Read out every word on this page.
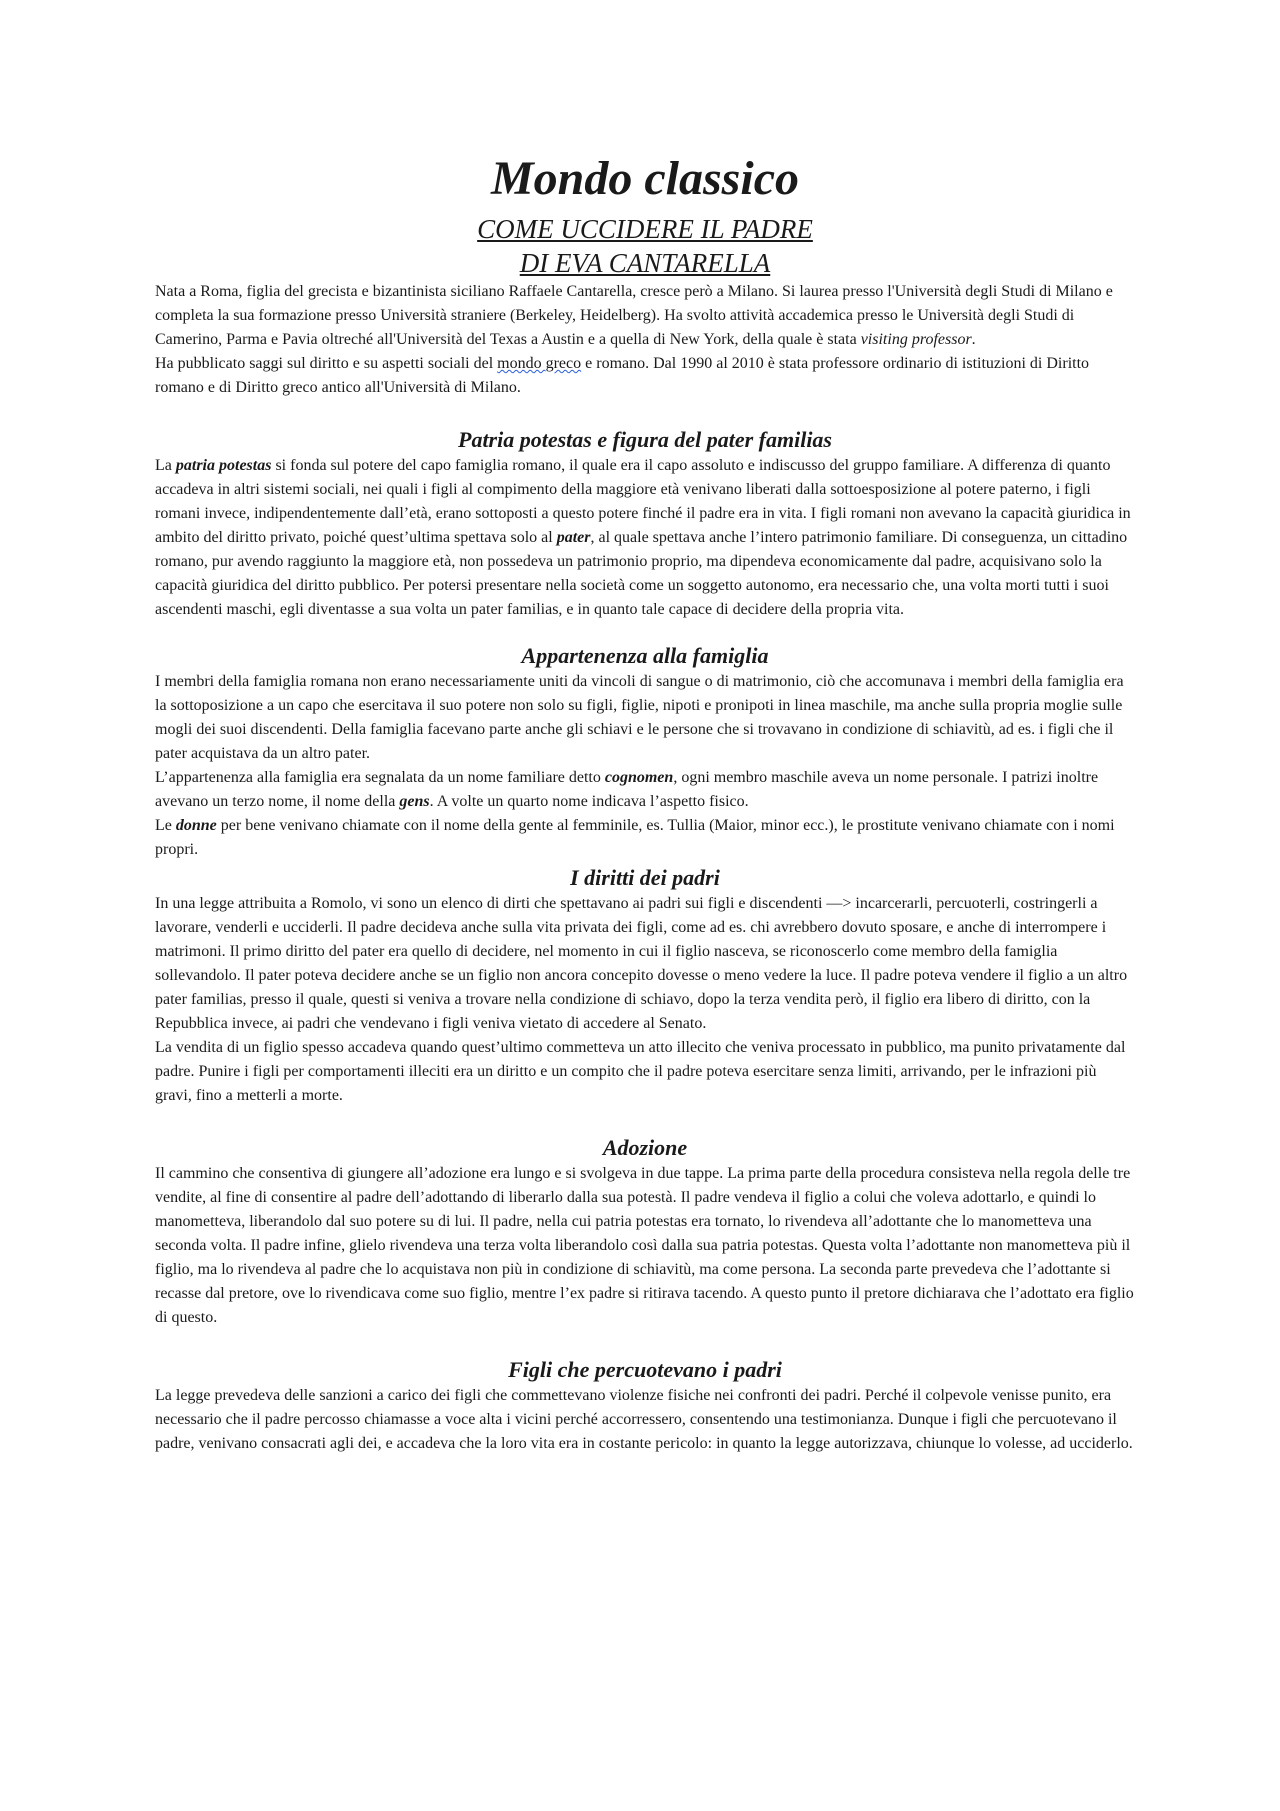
Mondo classico

COME UCCIDERE IL PADRE

DI EVA CANTARELLA

Nata a Roma, figlia del grecista e bizantinista siciliano Raffaele Cantarella, cresce però a Milano. Si laurea presso l'Università degli Studi di Milano e completa la sua formazione presso Università straniere (Berkeley, Heidelberg). Ha svolto attività accademica presso le Università degli Studi di Camerino, Parma e Pavia oltreché all'Università del Texas a Austin e a quella di New York, della quale è stata visiting professor.

Ha pubblicato saggi sul diritto e su aspetti sociali del mondo greco e romano. Dal 1990 al 2010 è stata professore ordinario di istituzioni di Diritto romano e di Diritto greco antico all'Università di Milano.

Patria potestas e figura del pater familias

La patria potestas si fonda sul potere del capo famiglia romano, il quale era il capo assoluto e indiscusso del gruppo familiare. A differenza di quanto accadeva in altri sistemi sociali, nei quali i figli al compimento della maggiore età venivano liberati dalla sottoesposizione al potere paterno, i figli romani invece, indipendentemente dall’età, erano sottoposti a questo potere finché il padre era in vita. I figli romani non avevano la capacità giuridica in ambito del diritto privato, poiché quest’ultima spettava solo al pater, al quale spettava anche l’intero patrimonio familiare. Di conseguenza, un cittadino romano, pur avendo raggiunto la maggiore età, non possedeva un patrimonio proprio, ma dipendeva economicamente dal padre, acquisivano solo la capacità giuridica del diritto pubblico. Per potersi presentare nella società come un soggetto autonomo, era necessario che, una volta morti tutti i suoi ascendenti maschi, egli diventasse a sua volta un pater familias, e in quanto tale capace di decidere della propria vita.

Appartenenza alla famiglia

I membri della famiglia romana non erano necessariamente uniti da vincoli di sangue o di matrimonio, ciò che accomunava i membri della famiglia era la sottoposizione a un capo che esercitava il suo potere non solo su figli, figlie, nipoti e pronipoti in linea maschile, ma anche sulla propria moglie sulle mogli dei suoi discendenti. Della famiglia facevano parte anche gli schiavi e le persone che si trovavano in condizione di schiavitù, ad es. i figli che il pater acquistava da un altro pater.

L’appartenenza alla famiglia era segnalata da un nome familiare detto cognomen, ogni membro maschile aveva un nome personale. I patrizi inoltre avevano un terzo nome, il nome della gens. A volte un quarto nome indicava l’aspetto fisico.

Le donne per bene venivano chiamate con il nome della gente al femminile, es. Tullia (Maior, minor ecc.), le prostitute venivano chiamate con i nomi propri.

I diritti dei padri

In una legge attribuita a Romolo, vi sono un elenco di dirti che spettavano ai padri sui figli e discendenti —> incarcerarli, percuoterli, costringerli a lavorare, venderli e ucciderli. Il padre decideva anche sulla vita privata dei figli, come ad es. chi avrebbero dovuto sposare, e anche di interrompere i matrimoni. Il primo diritto del pater era quello di decidere, nel momento in cui il figlio nasceva, se riconoscerlo come membro della famiglia sollevandolo. Il pater poteva decidere anche se un figlio non ancora concepito dovesse o meno vedere la luce. Il padre poteva vendere il figlio a un altro pater familias, presso il quale, questi si veniva a trovare nella condizione di schiavo, dopo la terza vendita però, il figlio era libero di diritto, con la Repubblica invece, ai padri che vendevano i figli veniva vietato di accedere al Senato.

La vendita di un figlio spesso accadeva quando quest’ultimo commetteva un atto illecito che veniva processato in pubblico, ma punito privatamente dal padre. Punire i figli per comportamenti illeciti era un diritto e un compito che il padre poteva esercitare senza limiti, arrivando, per le infrazioni più gravi, fino a metterli a morte.

Adozione

Il cammino che consentiva di giungere all’adozione era lungo e si svolgeva in due tappe. La prima parte della procedura consisteva nella regola delle tre vendite, al fine di consentire al padre dell’adottando di liberarlo dalla sua potestà. Il padre vendeva il figlio a colui che voleva adottarlo, e quindi lo manometteva, liberandolo dal suo potere su di lui. Il padre, nella cui patria potestas era tornato, lo rivendeva all’adottante che lo manometteva una seconda volta. Il padre infine, glielo rivendeva una terza volta liberandolo così dalla sua patria potestas. Questa volta l’adottante non manometteva più il figlio, ma lo rivendeva al padre che lo acquistava non più in condizione di schiavitù, ma come persona. La seconda parte prevedeva che l’adottante si recasse dal pretore, ove lo rivendicava come suo figlio, mentre l’ex padre si ritirava tacendo. A questo punto il pretore dichiarava che l’adottato era figlio di questo.

Figli che percuotevano i padri

La legge prevedeva delle sanzioni a carico dei figli che commettevano violenze fisiche nei confronti dei padri. Perché il colpevole venisse punito, era necessario che il padre percosso chiamasse a voce alta i vicini perché accorressero, consentendo una testimonianza. Dunque i figli che percuotevano il padre, venivano consacrati agli dei, e accadeva che la loro vita era in costante pericolo: in quanto la legge autorizzava, chiunque lo volesse, ad ucciderlo.
